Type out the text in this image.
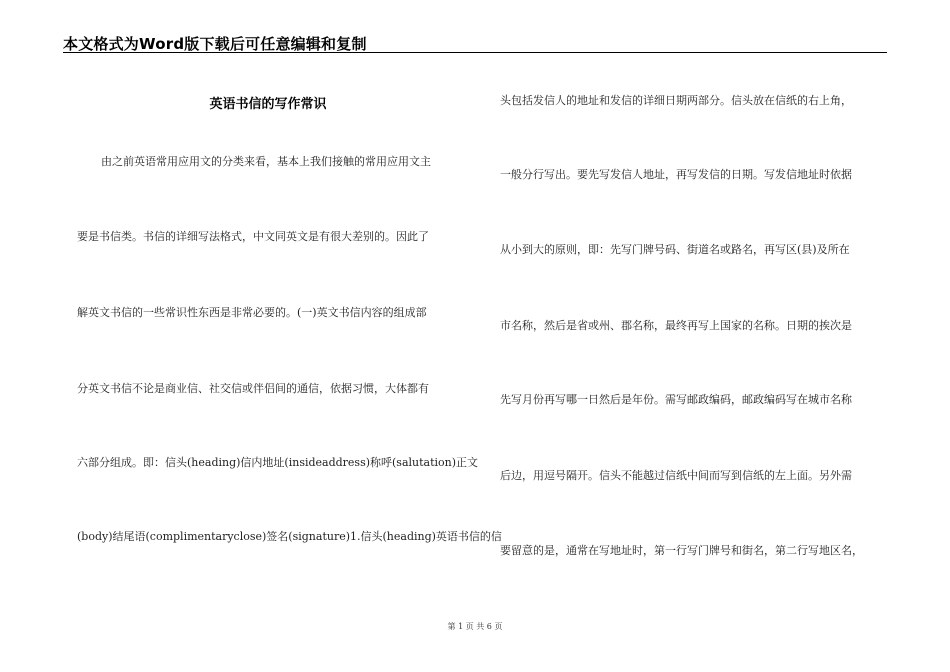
本文格式为Word版下载后可任意编辑和复制
英语书信的写作常识
由之前英语常用应用文的分类来看，基本上我们接触的常用应用文主
要是书信类。书信的详细写法格式，中文同英文是有很大差别的。因此了
解英文书信的一些常识性东西是非常必要的。(一)英文书信内容的组成部
分英文书信不论是商业信、社交信或伴侣间的通信，依据习惯，大体都有
六部分组成。即：信头(heading)信内地址(insideaddress)称呼(salutation)正文
(body)结尾语(complimentaryclose)签名(signature)1.信头(heading)英语书信的信
头包括发信人的地址和发信的详细日期两部分。信头放在信纸的右上角，
一般分行写出。要先写发信人地址，再写发信的日期。写发信地址时依据
从小到大的原则，即：先写门牌号码、街道名或路名，再写区(县)及所在
市名称，然后是省或州、郡名称，最终再写上国家的名称。日期的挨次是
先写月份再写哪一日然后是年份。需写邮政编码，邮政编码写在城市名称
后边，用逗号隔开。信头不能越过信纸中间而写到信纸的左上面。另外需
要留意的是，通常在写地址时，第一行写门牌号和街名，第二行写地区名，
第 1 页 共 6 页
